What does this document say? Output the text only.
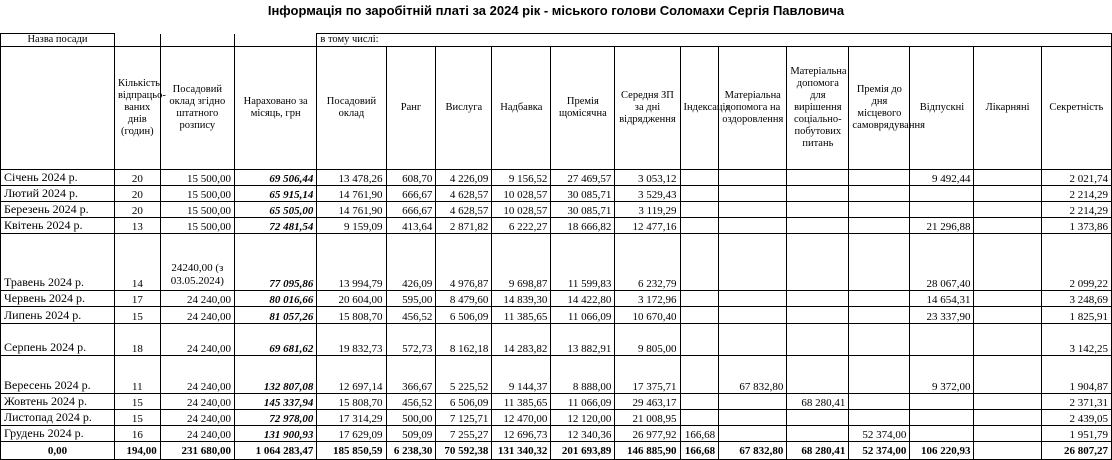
Інформація по заробітній платі за 2024 рік - міського голови Соломахи Сергія Павловича
Назва посади				в тому числі:												
	Кількість відпрацьо-ваних днів (годин)	Посадовий оклад згідно штатного розпису	Нараховано за місяць, грн	Посадовий оклад	Ранг	Вислуга	Надбавка	Премія щомісячна	Середня ЗП за дні відрядження	Індексація	Матеріальна допомога на оздоровлення	Матеріальна допомога для вирішення соціально-побутових питань	Премія до дня місцевого самоврядування	Відпускні	Лікарняні	Секретність
Січень 2024 р.	20	15 500,00	69 506,44	13 478,26	608,70	4 226,09	9 156,52	27 469,57	3 053,12					9 492,44		2 021,74
Лютий 2024 р.	20	15 500,00	65 915,14	14 761,90	666,67	4 628,57	10 028,57	30 085,71	3 529,43							2 214,29
Березень 2024 р.	20	15 500,00	65 505,00	14 761,90	666,67	4 628,57	10 028,57	30 085,71	3 119,29							2 214,29
Квітень 2024 р.	13	15 500,00	72 481,54	9 159,09	413,64	2 871,82	6 222,27	18 666,82	12 477,16					21 296,88		1 373,86
Травень 2024 р.	14	24240,00 (з 03.05.2024)	77 095,86	13 994,79	426,09	4 976,87	9 698,87	11 599,83	6 232,79					28 067,40		2 099,22
Червень 2024 р.	17	24 240,00	80 016,66	20 604,00	595,00	8 479,60	14 839,30	14 422,80	3 172,96					14 654,31		3 248,69
Липень 2024 р.	15	24 240,00	81 057,26	15 808,70	456,52	6 506,09	11 385,65	11 066,09	10 670,40					23 337,90		1 825,91
Серпень 2024 р.	18	24 240,00	69 681,62	19 832,73	572,73	8 162,18	14 283,82	13 882,91	9 805,00							3 142,25
Вересень 2024 р.	11	24 240,00	132 807,08	12 697,14	366,67	5 225,52	9 144,37	8 888,00	17 375,71		67 832,80			9 372,00		1 904,87
Жовтень 2024 р.	15	24 240,00	145 337,94	15 808,70	456,52	6 506,09	11 385,65	11 066,09	29 463,17			68 280,41				2 371,31
Листопад 2024 р.	15	24 240,00	72 978,00	17 314,29	500,00	7 125,71	12 470,00	12 120,00	21 008,95							2 439,05
Грудень 2024 р.	16	24 240,00	131 900,93	17 629,09	509,09	7 255,27	12 696,73	12 340,36	26 977,92	166,68			52 374,00			1 951,79
0,00	194,00	231 680,00	1 064 283,47	185 850,59	6 238,30	70 592,38	131 340,32	201 693,89	146 885,90	166,68	67 832,80	68 280,41	52 374,00	106 220,93		26 807,27
